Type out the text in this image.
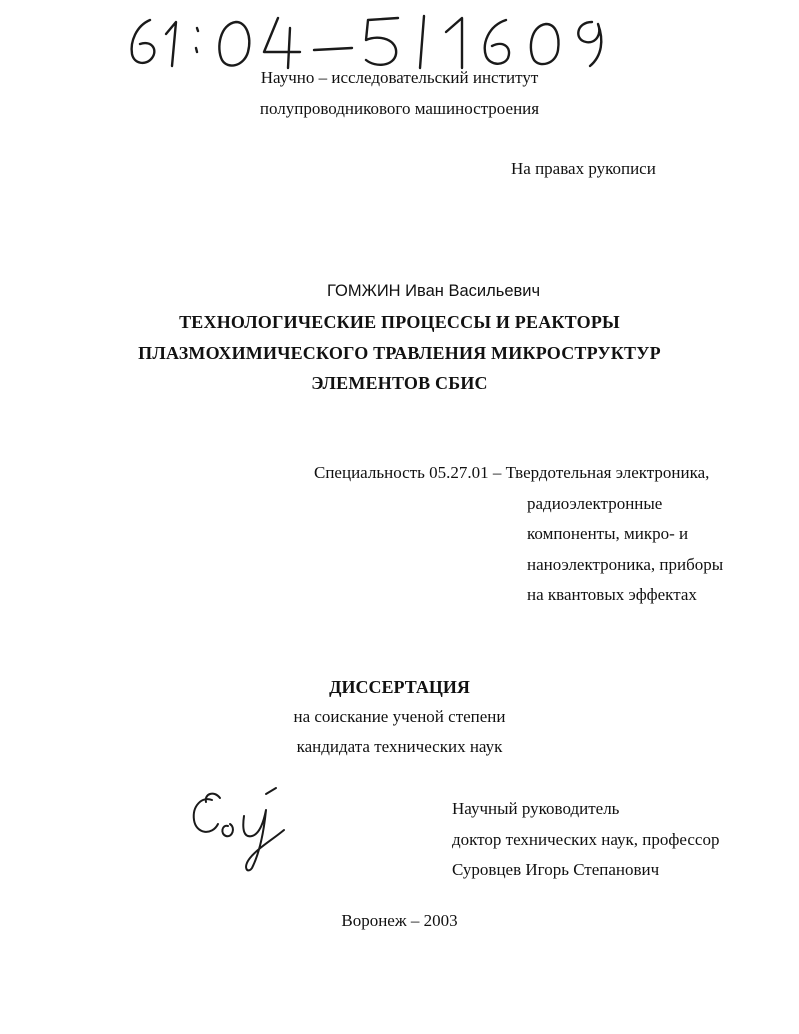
Научно – исследовательский институт
полупроводникового машиностроения
На правах рукописи
ГОМЖИН Иван Васильевич
ТЕХНОЛОГИЧЕСКИЕ ПРОЦЕССЫ И РЕАКТОРЫ
ПЛАЗМОХИМИЧЕСКОГО ТРАВЛЕНИЯ МИКРОСТРУКТУР
ЭЛЕМЕНТОВ СБИС
Специальность 05.27.01 – Твердотельная электроника,
радиоэлектронные
компоненты, микро- и
наноэлектроника, приборы
на квантовых эффектах
ДИССЕРТАЦИЯ
на соискание ученой степени
кандидата технических наук
Научный руководитель
доктор технических наук, профессор
Суровцев Игорь Степанович
Воронеж – 2003
